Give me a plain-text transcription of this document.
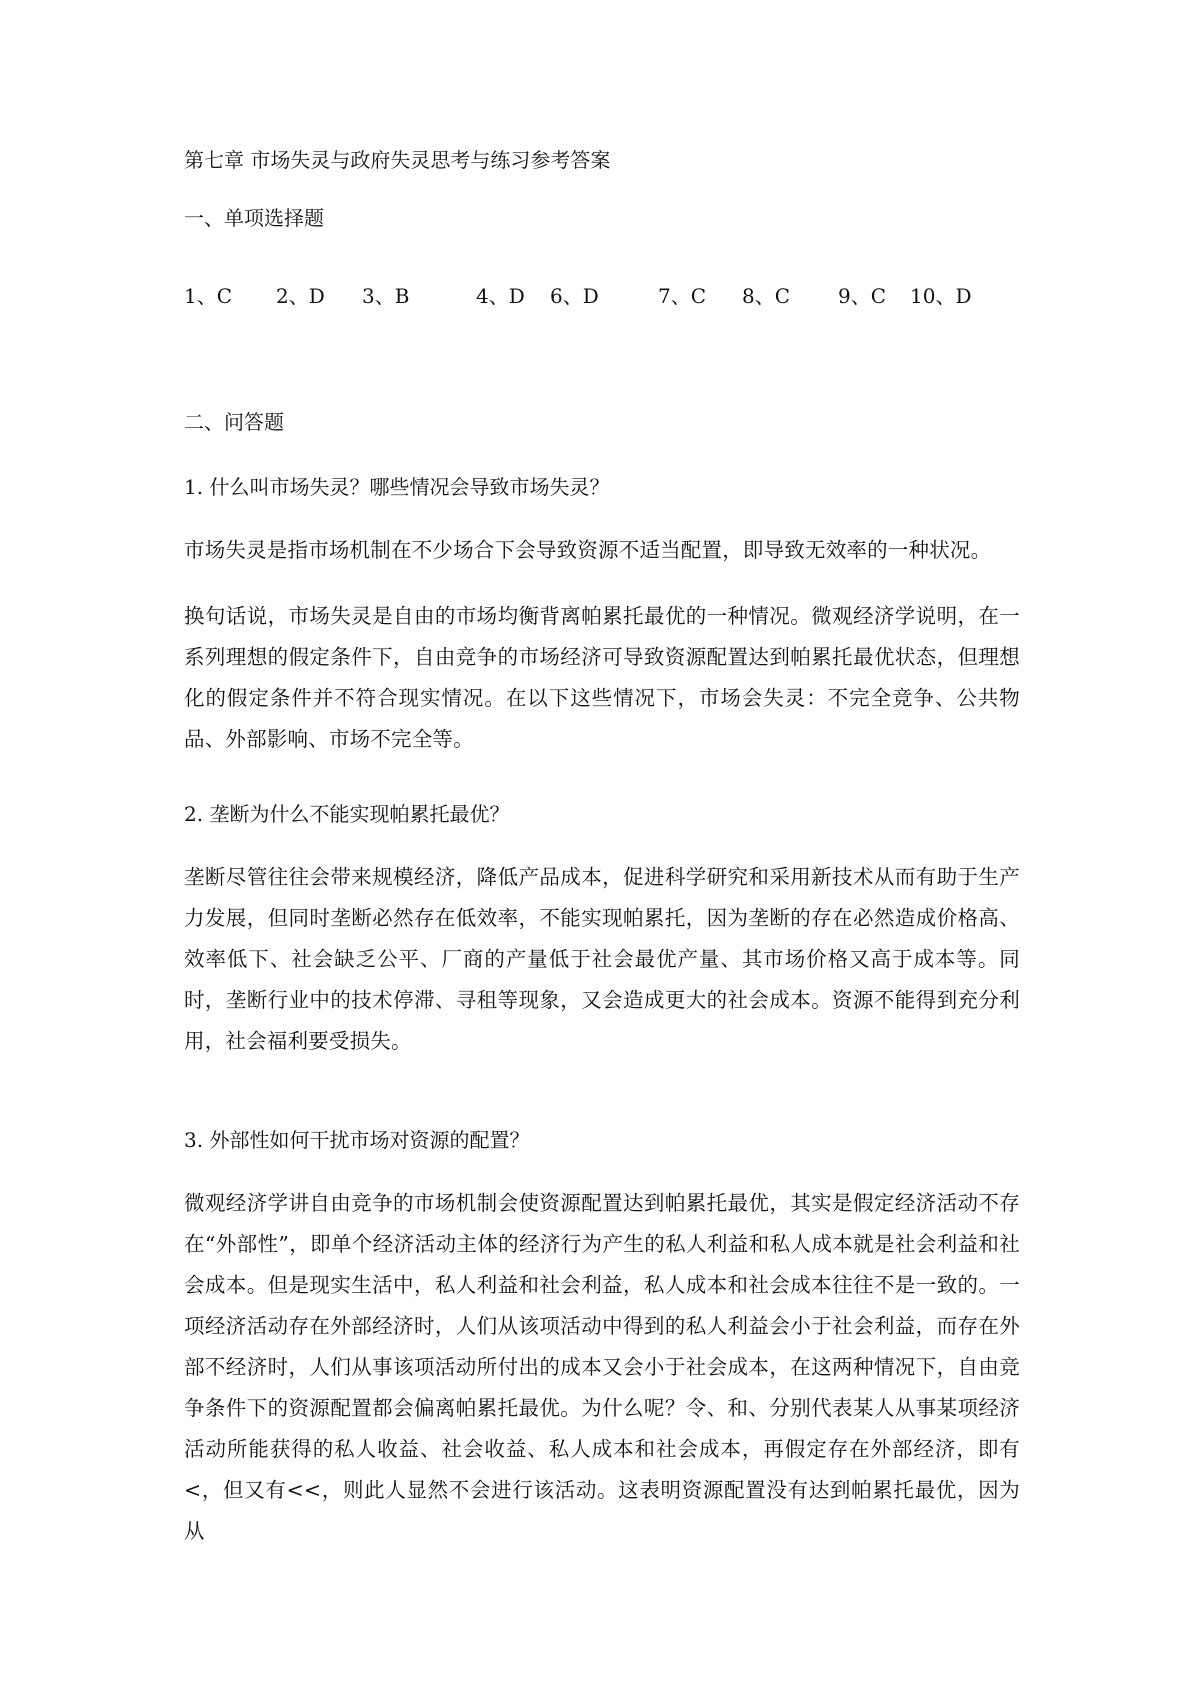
第七章 市场失灵与政府失灵思考与练习参考答案
一、单项选择题
1、C 2、D 3、B	4、D 6、D	7、C 8、C 9、C 10、D
二、问答题
1. 什么叫市场失灵？哪些情况会导致市场失灵？
市场失灵是指市场机制在不少场合下会导致资源不适当配置，即导致无效率的一种状况。
换句话说，市场失灵是自由的市场均衡背离帕累托最优的一种情况。微观经济学说明，在一系列理想的假定条件下，自由竞争的市场经济可导致资源配置达到帕累托最优状态，但理想化的假定条件并不符合现实情况。在以下这些情况下，市场会失灵：不完全竞争、公共物品、外部影响、市场不完全等。
2. 垄断为什么不能实现帕累托最优？
垄断尽管往往会带来规模经济，降低产品成本，促进科学研究和采用新技术从而有助于生产力发展，但同时垄断必然存在低效率，不能实现帕累托，因为垄断的存在必然造成价格高、效率低下、社会缺乏公平、厂商的产量低于社会最优产量、其市场价格又高于成本等。同时，垄断行业中的技术停滞、寻租等现象，又会造成更大的社会成本。资源不能得到充分利用，社会福利要受损失。
3. 外部性如何干扰市场对资源的配置？
微观经济学讲自由竞争的市场机制会使资源配置达到帕累托最优，其实是假定经济活动不存在“外部性”，即单个经济活动主体的经济行为产生的私人利益和私人成本就是社会利益和社会成本。但是现实生活中，私人利益和社会利益，私人成本和社会成本往往不是一致的。一项经济活动存在外部经济时，人们从该项活动中得到的私人利益会小于社会利益，而存在外部不经济时，人们从事该项活动所付出的成本又会小于社会成本，在这两种情况下，自由竞争条件下的资源配置都会偏离帕累托最优。为什么呢？令、和、分别代表某人从事某项经济活动所能获得的私人收益、社会收益、私人成本和社会成本，再假定存在外部经济，即有<，但又有<<，则此人显然不会进行该活动。这表明资源配置没有达到帕累托最优，因为从
